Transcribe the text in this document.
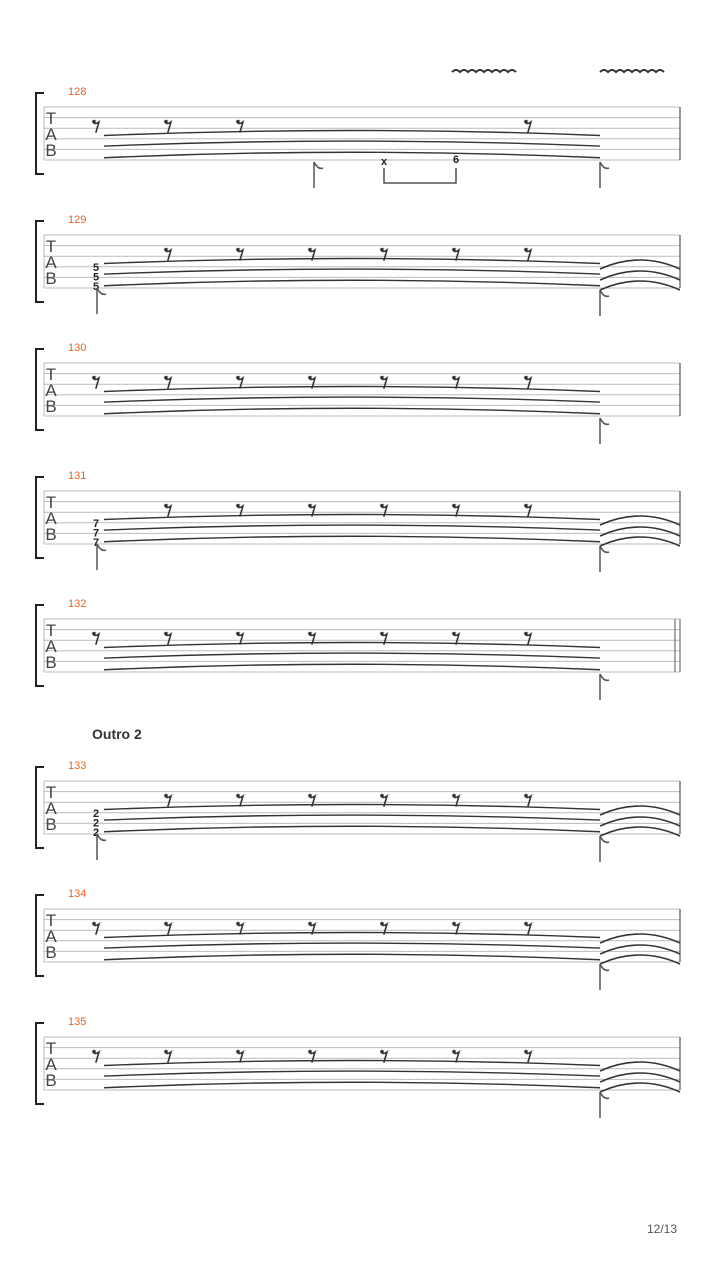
T
A
B
128
x	6
T
A
B
129
5
5
5
T
A
B
130
T
A
B
131
7
7
7
T
A
B
132
T
A
B
133
2
2
2
T
A
B
134
T
A
B
135
Outro 2
12/13
